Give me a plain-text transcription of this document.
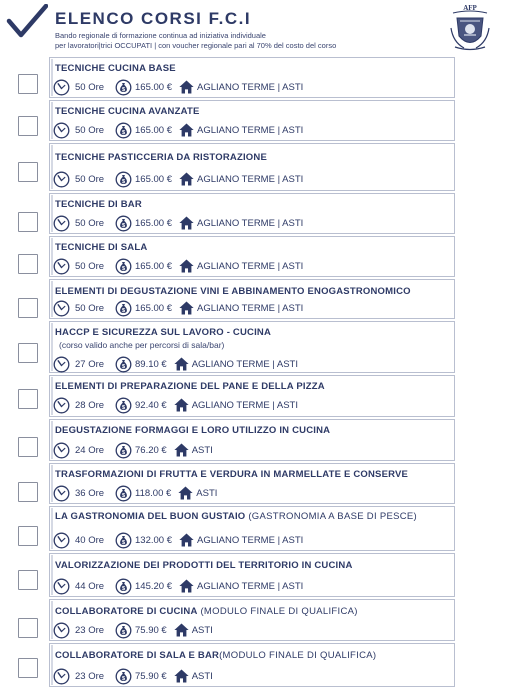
ELENCO CORSI F.C.I
Bando regionale di formazione continua ad iniziativa individuale
per lavoratori|trici OCCUPATI | con voucher regionale pari al 70% del costo del corso
AFP
TECNICHE CUCINA BASE
50 Ore	$ 165.00 €	AGLIANO TERME | ASTI
TECNICHE CUCINA AVANZATE
50 Ore	$ 165.00 €	AGLIANO TERME | ASTI
TECNICHE PASTICCERIA DA RISTORAZIONE
50 Ore	$ 165.00 €	AGLIANO TERME | ASTI
TECNICHE DI BAR
50 Ore	$ 165.00 €	AGLIANO TERME | ASTI
TECNICHE DI SALA
50 Ore	$ 165.00 €	AGLIANO TERME | ASTI
ELEMENTI DI DEGUSTAZIONE VINI E ABBINAMENTO ENOGASTRONOMICO
50 Ore	$ 165.00 €	AGLIANO TERME | ASTI
HACCP E SICUREZZA SUL LAVORO - CUCINA
(corso valido anche per percorsi di sala/bar)
27 Ore	$ 89.10 €	AGLIANO TERME | ASTI
ELEMENTI DI PREPARAZIONE DEL PANE E DELLA PIZZA
28 Ore	$ 92.40 €	AGLIANO TERME | ASTI
DEGUSTAZIONE FORMAGGI E LORO UTILIZZO IN CUCINA
24 Ore	$ 76.20 €	ASTI
TRASFORMAZIONI DI FRUTTA E VERDURA IN MARMELLATE E CONSERVE
36 Ore	$ 118.00 €	ASTI
LA GASTRONOMIA DEL BUON GUSTAIO (GASTRONOMIA A BASE DI PESCE)
40 Ore	$ 132.00 €	AGLIANO TERME | ASTI
VALORIZZAZIONE DEI PRODOTTI DEL TERRITORIO IN CUCINA
44 Ore	$ 145.20 €	AGLIANO TERME | ASTI
COLLABORATORE DI CUCINA (MODULO FINALE DI QUALIFICA)
23 Ore	$ 75.90 €	ASTI
COLLABORATORE DI SALA E BAR(MODULO FINALE DI QUALIFICA)
23 Ore	$ 75.90 €	ASTI
